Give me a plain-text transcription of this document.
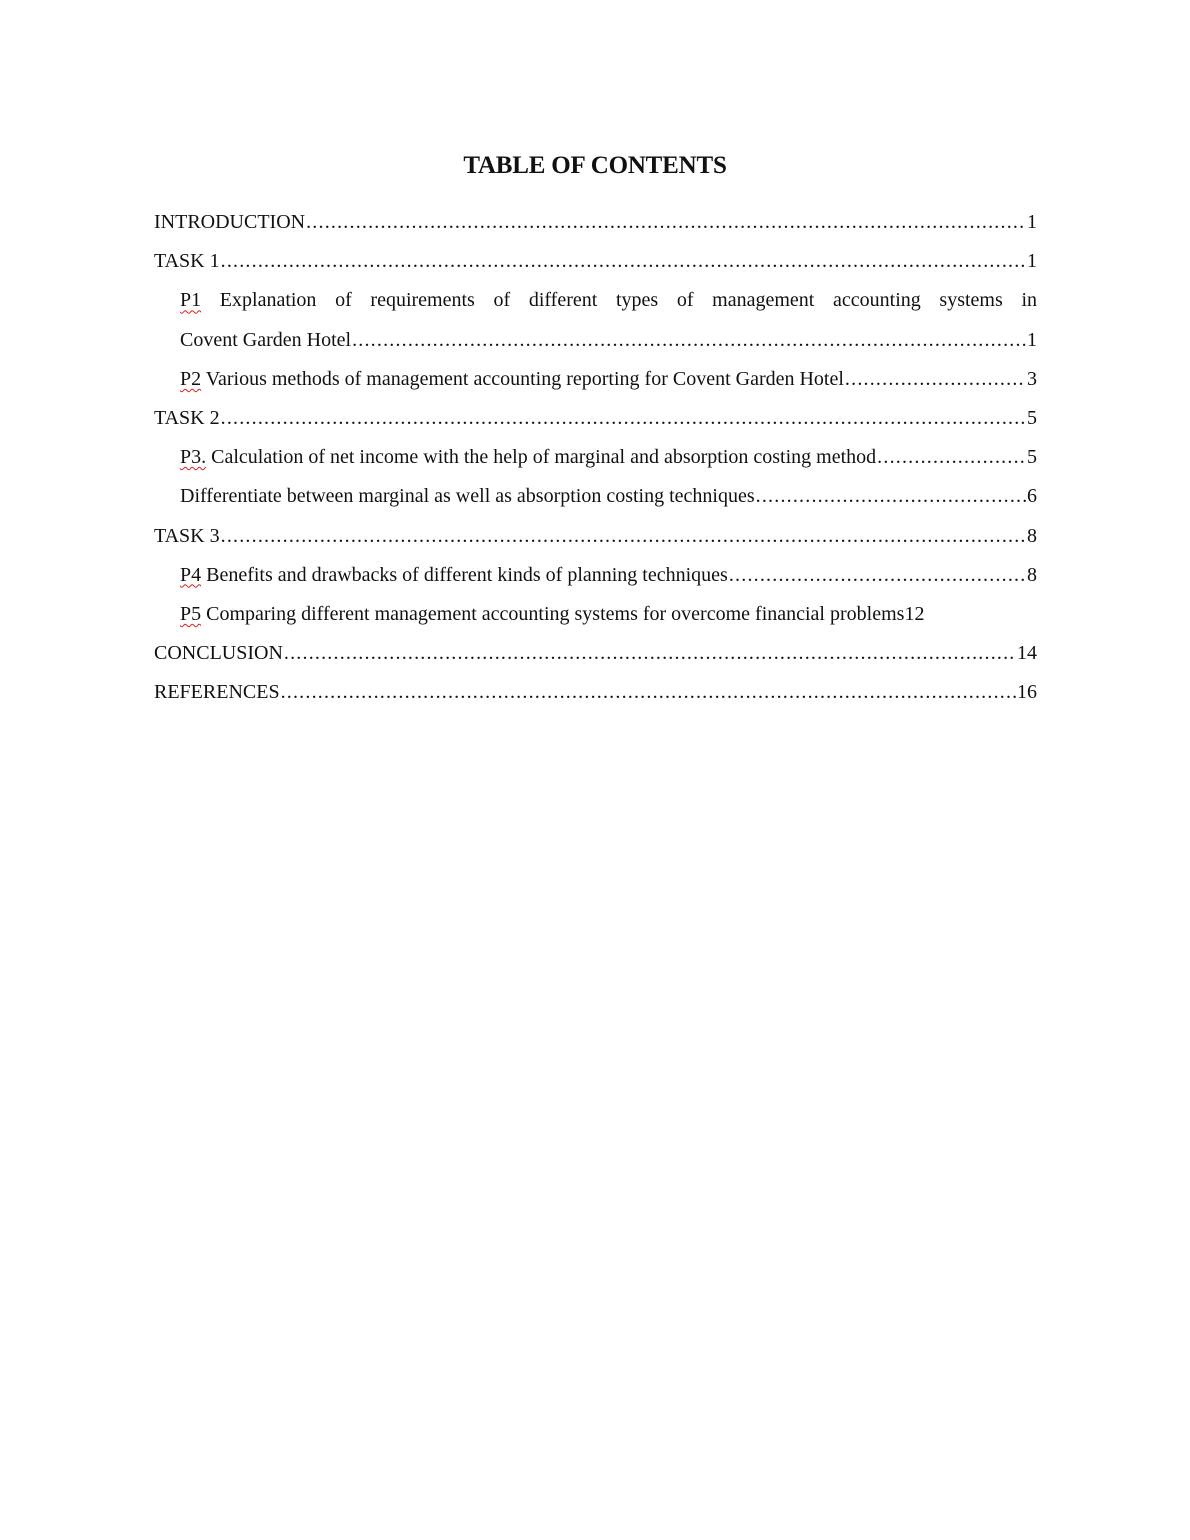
TABLE OF CONTENTS
INTRODUCTION .....	1
TASK 1 .....	1
P1 Explanation of requirements of different types of management accounting systems in
Covent Garden Hotel .....	1
P2 Various methods of management accounting reporting for Covent Garden Hotel .....	3
TASK 2 .....	5
P3. Calculation of net income with the help of marginal and absorption costing method .....	5
Differentiate between marginal as well as absorption costing techniques .....	6
TASK 3 .....	8
P4 Benefits and drawbacks of different kinds of planning techniques .....	8
P5 Comparing different management accounting systems for overcome financial problems 12
CONCLUSION .....	14
REFERENCES .....	16
